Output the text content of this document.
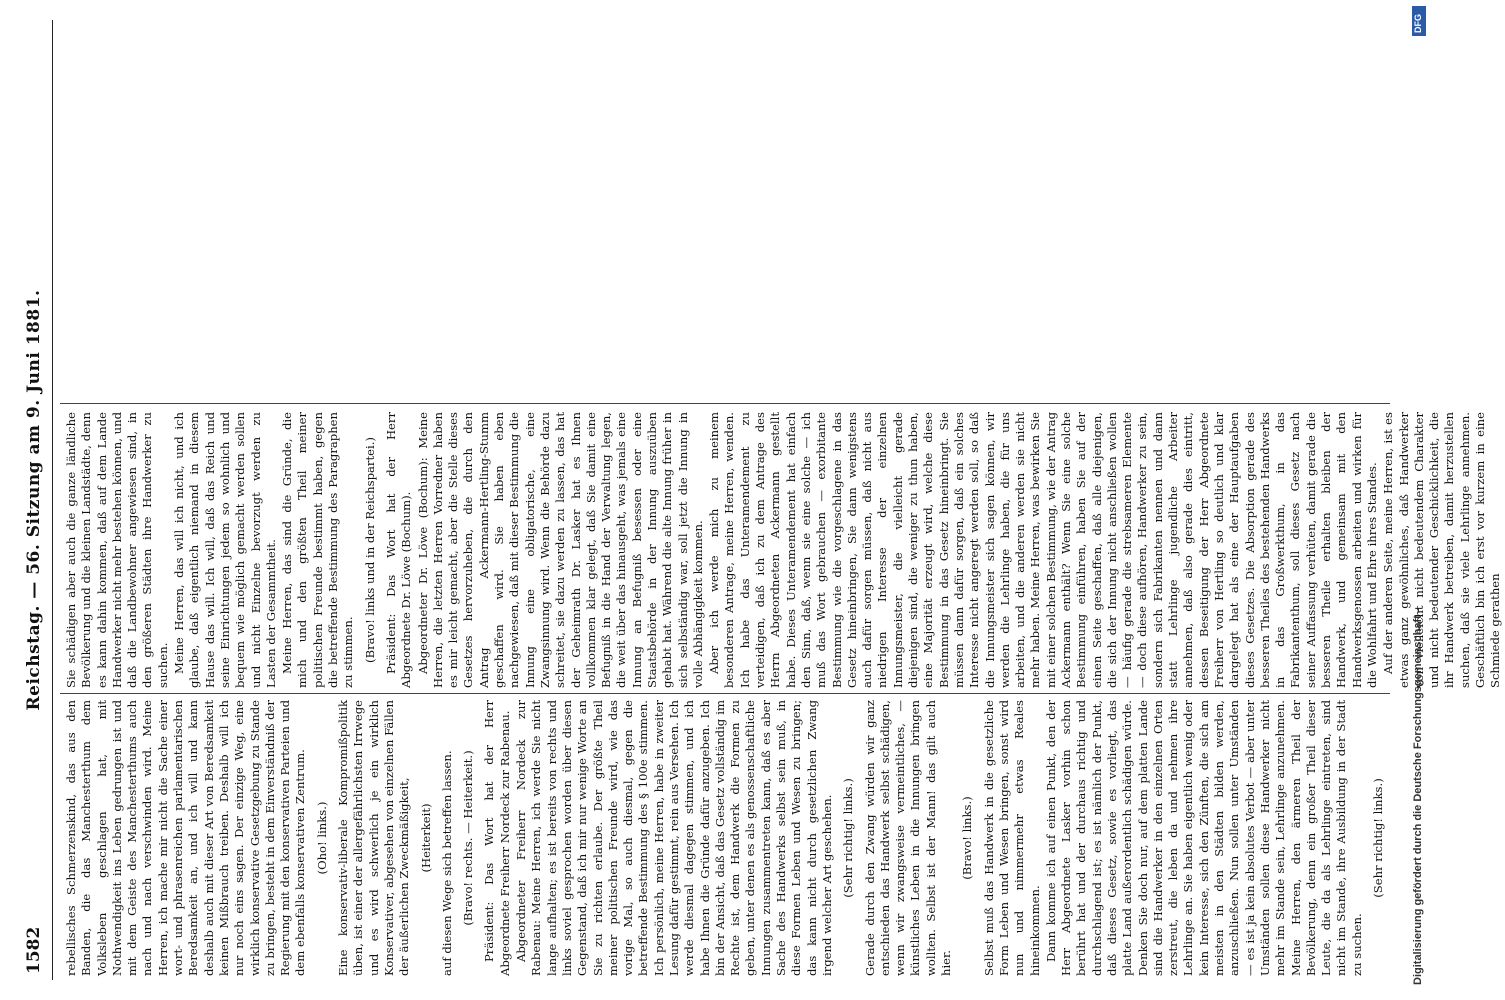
1582
Reichstag. — 56. Sitzung am 9. Juni 1881.

rebellisches Schmerzenskind, das aus den Banden, die das Manchesterthum dem Volksleben geschlagen hat, mit Nothwendigkeit ins Leben gedrungen ist und mit dem Geiste des Manchesterthums auch nach und nach verschwinden wird. Meine Herren, ich mache mir nicht die Sache einer wort- und phrasenreichen parlamentarischen Beredsamkeit an, und ich will und kann deshalb auch mit dieser Art von Beredsamkeit keinen Mißbrauch treiben. Deshalb will ich nur noch eins sagen. Der einzige Weg, eine wirklich konservative Gesetzgebung zu Stande zu bringen, besteht in dem Einverständniß der Regierung mit den konservativen Parteien und dem ebenfalls konservativen Zentrum. (Oho! links.) Eine konservativ-liberale Kompromißpolitik üben, ist einer der allergefährlichsten Irrwege und es wird schwerlich je ein wirklich Konservativer, abgesehen von einzelnen Fällen der äußerlichen Zweckmäßigkeit, (Heiterkeit) auf diesen Wege sich betreffen lassen. (Bravo! rechts. — Heiterkeit.) Präsident: Das Wort hat der Herr Abgeordnete Freiherr Nordeck zur Rabenau. Abgeordneter Freiherr Nordeck zur Rabenau: Meine Herren, ich werde Sie nicht lange aufhalten; es ist bereits von rechts und links soviel gesprochen worden über diesen Gegenstand, daß ich mir nur wenige Worte an Sie zu richten erlaube. Der größte Theil meiner politischen Freunde wird, wie das vorige Mal, so auch diesmal, gegen die betreffende Bestimmung des § 100e stimmen. Ich persönlich, meine Herren, habe in zweiter Lesung dafür gestimmt, rein aus Versehen. Ich werde diesmal dagegen stimmen, und ich habe Ihnen die Gründe dafür anzugeben. Ich bin der Ansicht, daß das Gesetz vollständig im Rechte ist, dem Handwerk die Formen zu geben, unter denen es als genossenschaftliche Innungen zusammentreten kann, daß es aber Sache des Handwerks selbst sein muß, in diese Formen Leben und Wesen zu bringen; das kann nicht durch gesetzlichen Zwang irgend welcher Art geschehen. (Sehr richtig! links.) Gerade durch den Zwang würden wir ganz entschieden das Handwerk selbst schädigen, wenn wir zwangsweise vermeintliches, — künstliches Leben in die Innungen bringen wollten. Selbst ist der Mann! das gilt auch hier.

(Bravo! links.) Selbst muß das Handwerk in die gesetzliche Form Leben und Wesen bringen, sonst wird nun und nimmermehr etwas Reales hineinkommen. Dann komme ich auf einen Punkt, den der Herr Abgeordnete Lasker vorhin schon berührt hat und der durchaus richtig und durchschlagend ist; es ist nämlich der Punkt, daß dieses Gesetz, sowie es vorliegt, das platte Land außerordentlich schädigen würde. Denken Sie doch nur, auf dem platten Lande sind die Handwerker in den einzelnen Orten zerstreut, die leben da und nehmen ihre Lehrlinge an. Sie haben eigentlich wenig oder kein Interesse, sich den Zünften, die sich am meisten in den Städten bilden werden, anzuschließen. Nun sollen unter Umständen — es ist ja kein absolutes Verbot — aber unter Umständen sollen diese Handwerker nicht mehr im Stande sein, Lehrlinge anzunehmen. Meine Herren, den ärmeren Theil der Bevölkerung, denn ein großer Theil dieser Leute, die da als Lehrlinge eintreten, sind nicht im Stande, ihre Ausbildung in der Stadt zu suchen.

(Sehr richtig! links.)

Sie schädigen aber auch die ganze ländliche Bevölkerung und die kleinen Landstädte, denn es kann dahin kommen, daß auf dem Lande Handwerker nicht mehr bestehen können, und daß die Landbewohner angewiesen sind, in den größeren Städten ihre Handwerker zu suchen. Meine Herren, das will ich nicht, und ich glaube, daß eigentlich niemand in diesem Hause das will. Ich will, daß das Reich und seine Einrichtungen jedem so wohnlich und bequem wie möglich gemacht werden sollen und nicht Einzelne bevorzugt werden zu Lasten der Gesammtheit. Meine Herren, das sind die Gründe, die mich und den größten Theil meiner politischen Freunde bestimmt haben, gegen die betreffende Bestimmung des Paragraphen zu stimmen. (Bravo! links und in der Reichspartei.) Präsident: Das Wort hat der Herr Abgeordnete Dr. Löwe (Bochum). Abgeordneter Dr. Löwe (Bochum): Meine Herren, die letzten Herren Vorredner haben es mir leicht gemacht, aber die Stelle dieses Gesetzes hervorzuheben, die durch den Antrag Ackermann-Hertling-Stumm geschaffen wird. Sie haben eben nachgewiesen, daß mit dieser Bestimmung die Innung eine obligatorische, eine Zwangsinnung wird. Wenn die Behörde dazu schreitet, sie dazu werden zu lassen, das hat der Geheimrath Dr. Lasker hat es Ihnen vollkommen klar gelegt, daß Sie damit eine Befugniß in die Hand der Verwaltung legen, die weit über das hinausgeht, was jemals eine Innung an Befugniß besessen oder eine Staatsbehörde in der Innung auszuüben gehabt hat. Während die alte Innung früher in sich selbständig war, soll jetzt die Innung in volle Abhängigkeit kommen. Aber ich werde mich zu meinem besonderen Antrage, meine Herren, wenden. Ich habe das Unteramendement zu verteidigen, daß ich zu dem Antrage des Herrn Abgeordneten Ackermann gestellt habe. Dieses Unteramendement hat einfach den Sinn, daß, wenn sie eine solche — ich muß das Wort gebrauchen — exorbitante Bestimmung wie die vorgeschlagene in das Gesetz hineinbringen, Sie dann wenigstens auch dafür sorgen müssen, daß nicht aus niedrigen Interesse der einzelnen Innungsmeister, die vielleicht gerade diejenigen sind, die weniger zu thun haben, eine Majorität erzeugt wird, welche diese Bestimmung in das Gesetz hineinbringt. Sie müssen dann dafür sorgen, daß ein solches Interesse nicht angeregt werden soll, so daß die Innungsmeister sich sagen können, wir werden die Lehrlinge haben, die für uns arbeiten, und die anderen werden sie nicht mehr haben. Meine Herren, was bewirken Sie mit einer solchen Bestimmung, wie der Antrag Ackermann enthält? Wenn Sie eine solche Bestimmung einführen, haben Sie auf der einen Seite geschaffen, daß alle diejenigen, die sich der Innung nicht anschließen wollen — häufig gerade die strebsameren Elemente — doch diese aufhören, Handwerker zu sein, sondern sich Fabrikanten nennen und dann statt Lehrlinge jugendliche Arbeiter annehmen, daß also gerade dies eintritt, dessen Beseitigung der Herr Abgeordnete Freiherr von Hertling so deutlich und klar dargelegt hat als eine der Hauptaufgaben dieses Gesetzes. Die Absorption gerade des besseren Theiles des bestehenden Handwerks in das Großwerkthum, in das Fabrikantenthum, soll dieses Gesetz nach seiner Auffassung verhüten, damit gerade die besseren Theile erhalten bleiben der Handwerk, und gemeinsam mit den Handwerksgenossen arbeiten und wirken für die Wohlfahrt und Ehre ihres Standes. Auf der anderen Seite, meine Herren, ist es etwas ganz gewöhnliches, daß Handwerker von vielleicht nicht bedeutendem Charakter und nicht bedeutender Geschicklichkeit, die ihr Handwerk betreiben, damit herzustellen suchen, daß sie viele Lehrlinge annehmen. Geschäftlich bin ich erst vor kurzem in eine Schmiede gerathen

DFG
Digitalisierung gefördert durch die Deutsche Forschungsgemeinschaft -
